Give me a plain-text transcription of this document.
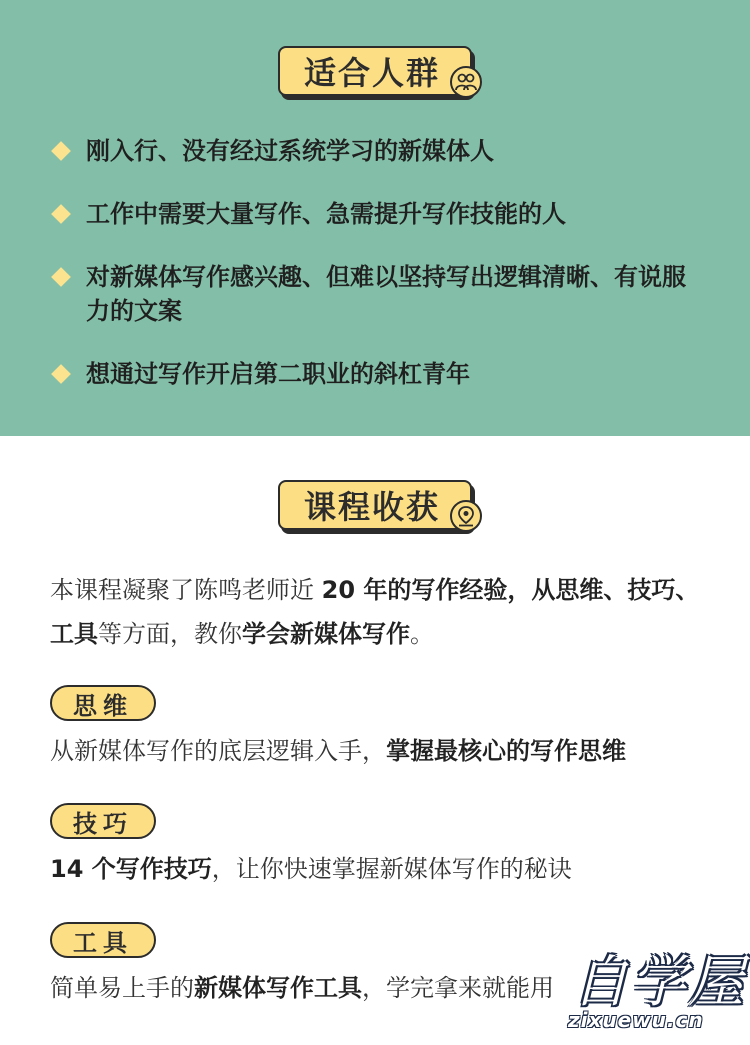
适合人群
刚入行、没有经过系统学习的新媒体人
工作中需要大量写作、急需提升写作技能的人
对新媒体写作感兴趣、但难以坚持写出逻辑清晰、有说服力的文案
想通过写作开启第二职业的斜杠青年
课程收获

本课程凝聚了陈鸣老师近 20 年的写作经验，从思维、技巧、
工具等方面，教你学会新媒体写作。

思维

从新媒体写作的底层逻辑入手，掌握最核心的写作思维

技巧

14 个写作技巧，让你快速掌握新媒体写作的秘诀

工具

简单易上手的新媒体写作工具，学完拿来就能用 自学屋
zixuewu.cn
